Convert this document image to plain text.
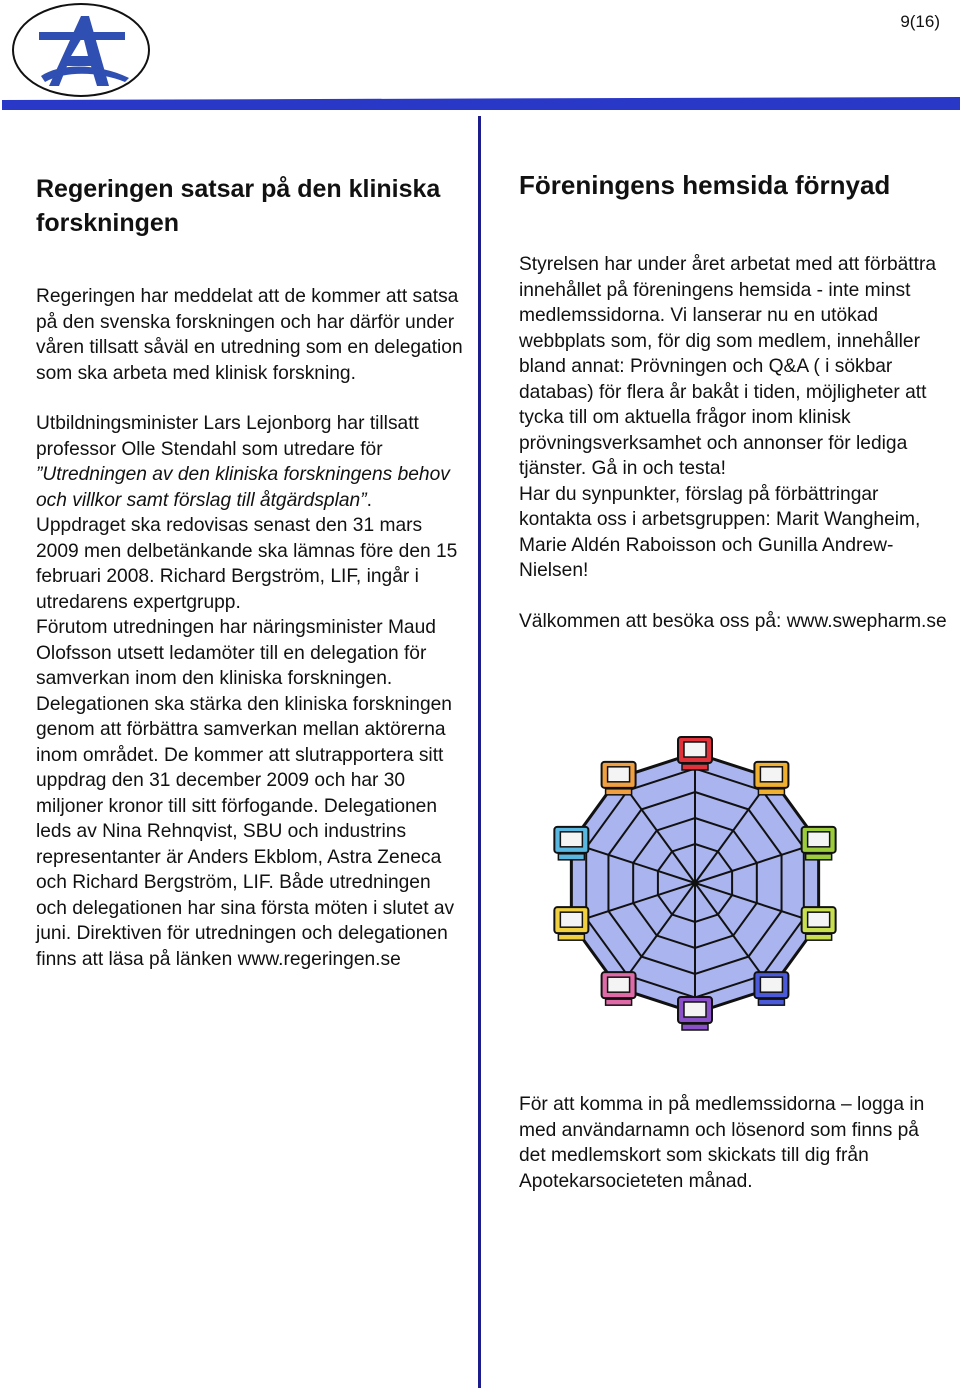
9(16)
Regeringen satsar på den kliniska forskningen

Regeringen har meddelat att de kommer att satsa på den svenska forskningen och har därför under våren tillsatt såväl en utredning som en delegation som ska arbeta med klinisk forskning.

Utbildningsminister Lars Lejonborg har tillsatt professor Olle Stendahl som utredare för ”Utredningen av den kliniska forskningens behov och villkor samt förslag till åtgärdsplan”. Uppdraget ska redovisas senast den 31 mars 2009 men delbetänkande ska lämnas före den 15 februari 2008. Richard Bergström, LIF, ingår i utredarens expertgrupp.

Förutom utredningen har näringsminister Maud Olofsson utsett ledamöter till en delegation för samverkan inom den kliniska forskningen. Delegationen ska stärka den kliniska forskningen genom att förbättra samverkan mellan aktörerna inom området. De kommer att slutrapportera sitt uppdrag den 31 december 2009 och har 30 miljoner kronor till sitt förfogande. Delegationen leds av Nina Rehnqvist, SBU och industrins representanter är Anders Ekblom, Astra Zeneca och Richard Bergström, LIF. Både utredningen och delegationen har sina första möten i slutet av juni. Direktiven för utredningen och delegationen finns att läsa på länken www.regeringen.se

Föreningens hemsida förnyad

Styrelsen har under året arbetat med att förbättra innehållet på föreningens hemsida - inte minst medlemssidorna. Vi lanserar nu en utökad webbplats som, för dig som medlem, innehåller bland annat: Prövningen och Q&A ( i sökbar databas) för flera år bakåt i tiden, möjligheter att tycka till om aktuella frågor inom klinisk prövningsverksamhet och annonser för lediga tjänster. Gå in och testa!

Har du synpunkter, förslag på förbättringar kontakta oss i arbetsgruppen: Marit Wangheim, Marie Aldén Raboisson och Gunilla Andrew-Nielsen!

Välkommen att besöka oss på: www.swepharm.se

För att komma in på medlemssidorna – logga in med användarnamn och lösenord som finns på det medlemskort som skickats till dig från Apotekarsocieteten månad.
